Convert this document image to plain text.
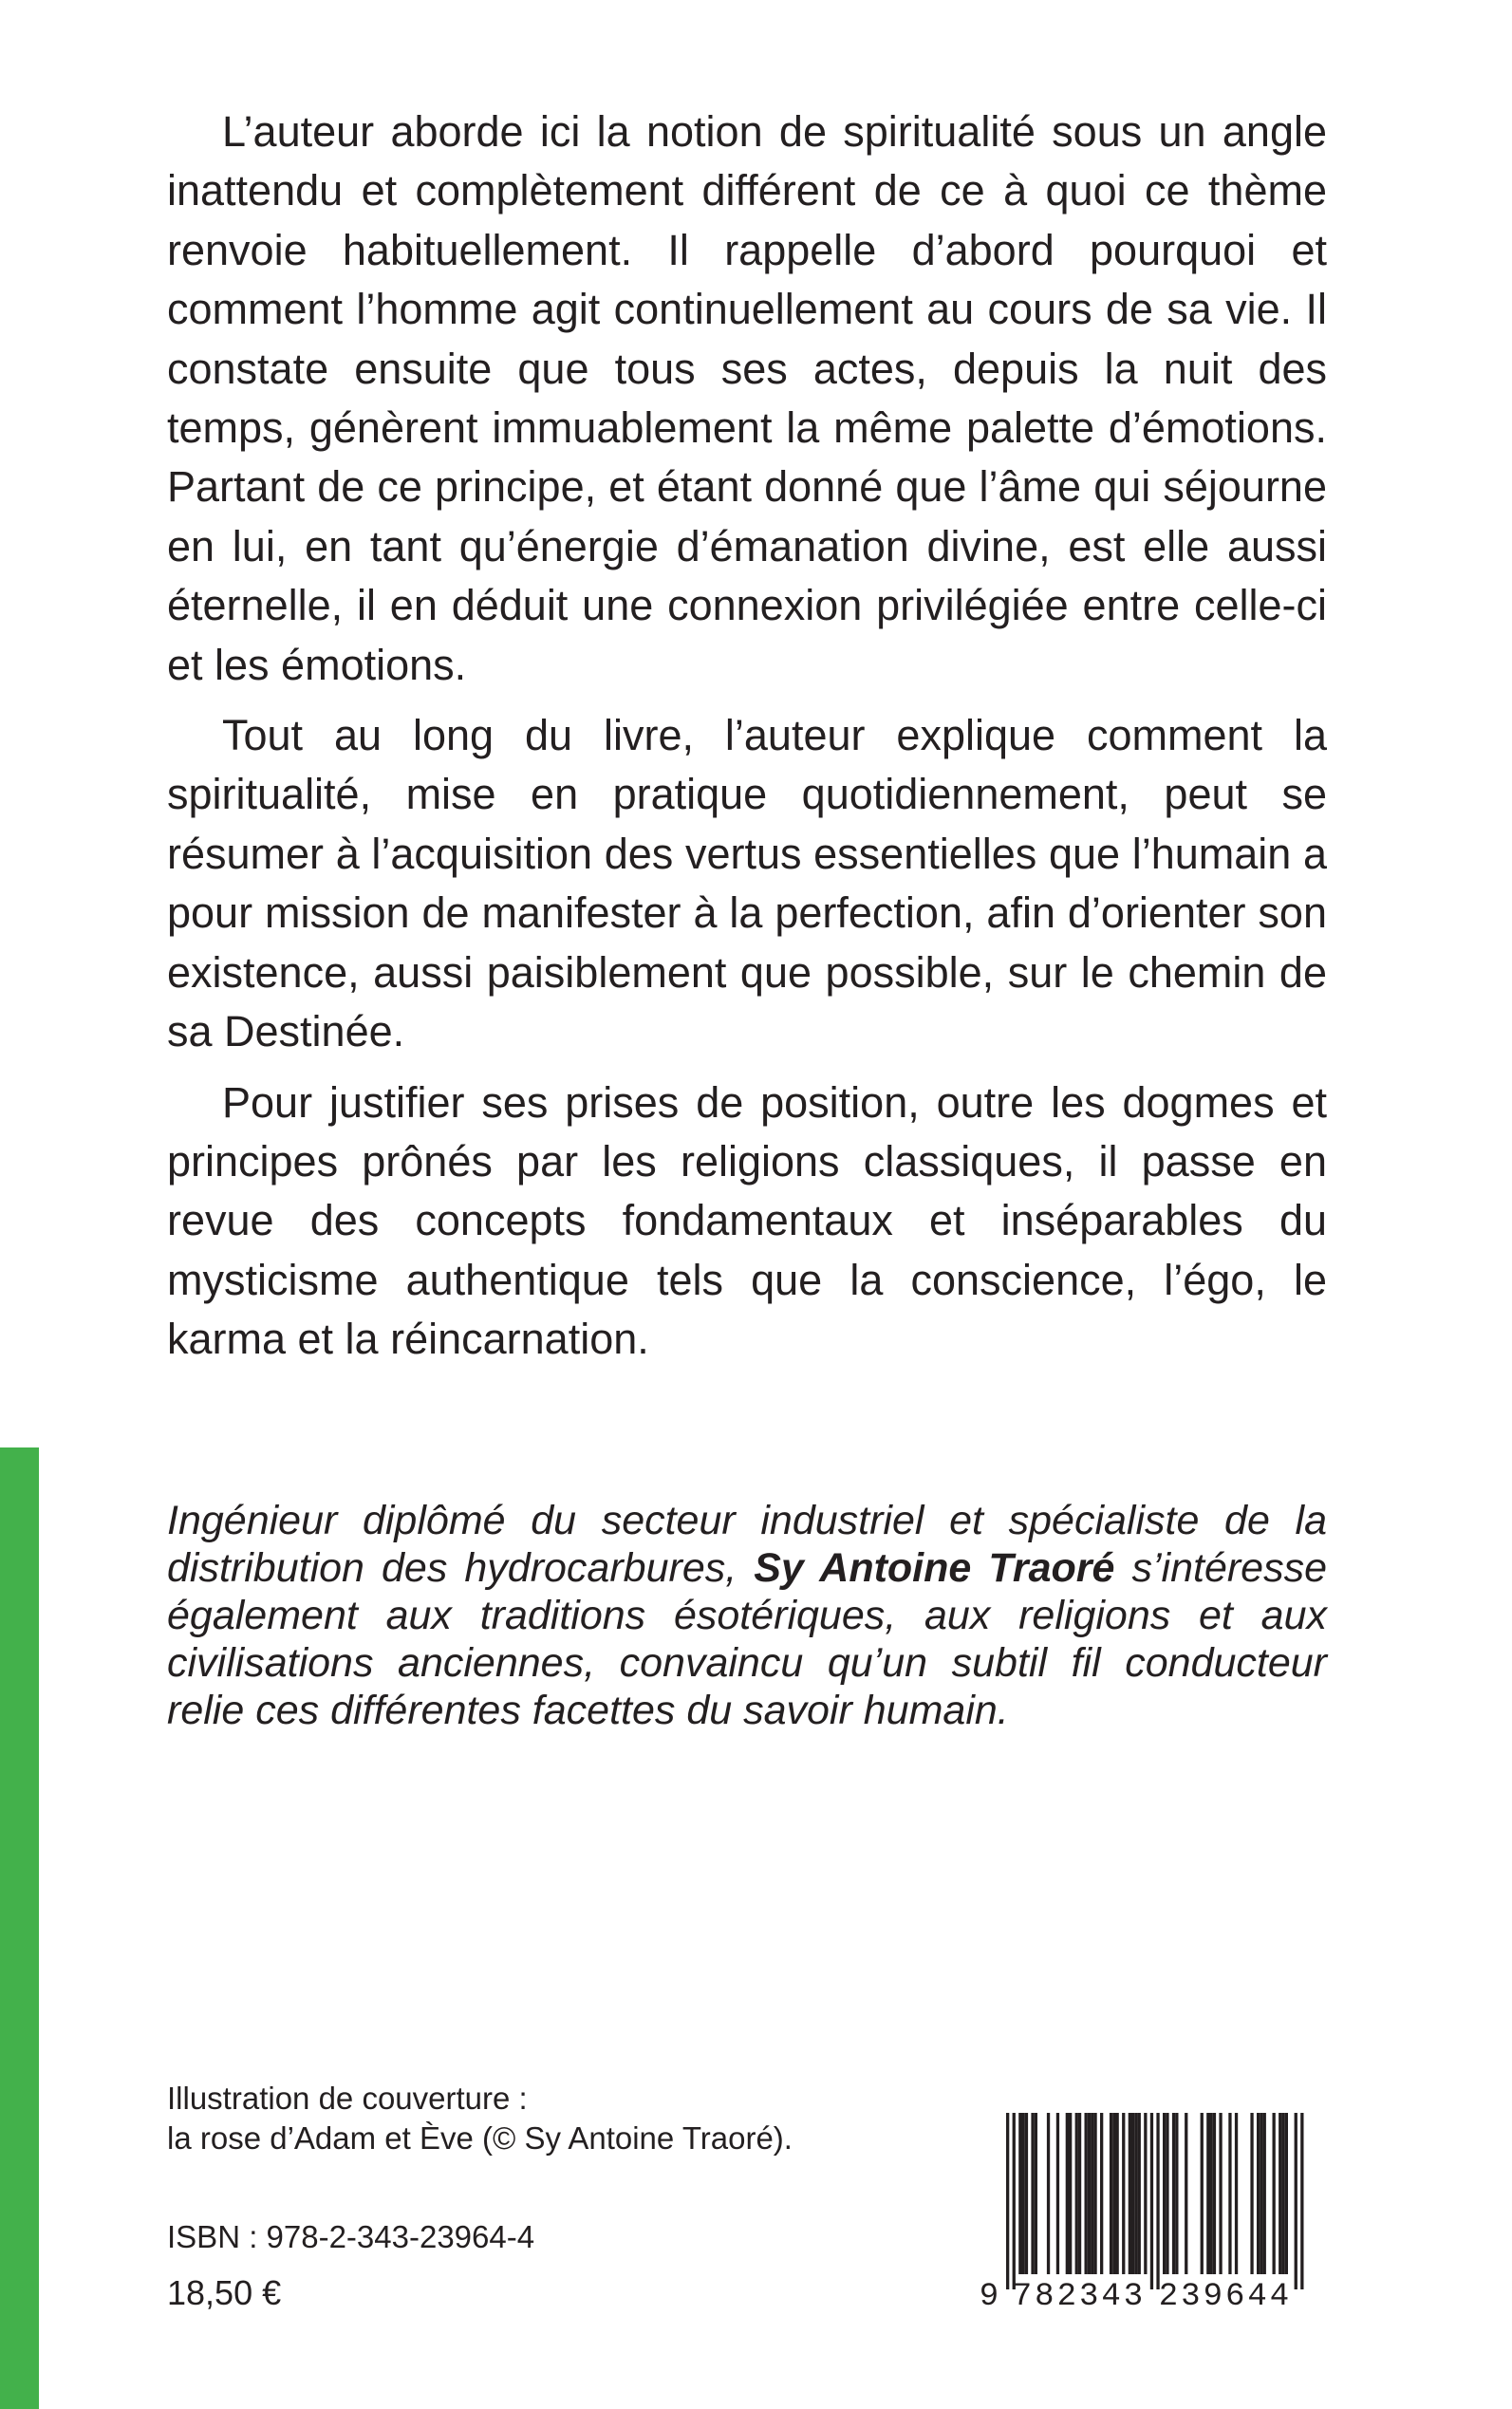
L’auteur aborde ici la notion de spiritualité sous un angle inattendu et complètement différent de ce à quoi ce thème renvoie habituellement. Il rappelle d’abord pourquoi et comment l’homme agit continuellement au cours de sa vie. Il constate ensuite que tous ses actes, depuis la nuit des temps, génèrent immuablement la même palette d’émotions. Partant de ce principe, et étant donné que l’âme qui séjourne en lui, en tant qu’énergie d’émanation divine, est elle aussi éternelle, il en déduit une connexion privilégiée entre celle-ci et les émotions.

Tout au long du livre, l’auteur explique comment la spiritualité, mise en pratique quotidiennement, peut se résumer à l’acquisition des vertus essentielles que l’humain a pour mission de manifester à la perfection, afin d’orienter son existence, aussi paisiblement que possible, sur le chemin de sa Destinée.

Pour justifier ses prises de position, outre les dogmes et principes prônés par les religions classiques, il passe en revue des concepts fondamentaux et inséparables du mysticisme authentique tels que la conscience, l’égo, le karma et la réincarnation.

Ingénieur diplômé du secteur industriel et spécialiste de la distribution des hydrocarbures, Sy Antoine Traoré s’intéresse également aux traditions ésotériques, aux religions et aux civilisations anciennes, convaincu qu’un subtil fil conducteur relie ces différentes facettes du savoir humain.

Illustration de couverture :
la rose d’Adam et Ève (© Sy Antoine Traoré).
ISBN : 978-2-343-23964-4
18,50 €	9 782343 239644
